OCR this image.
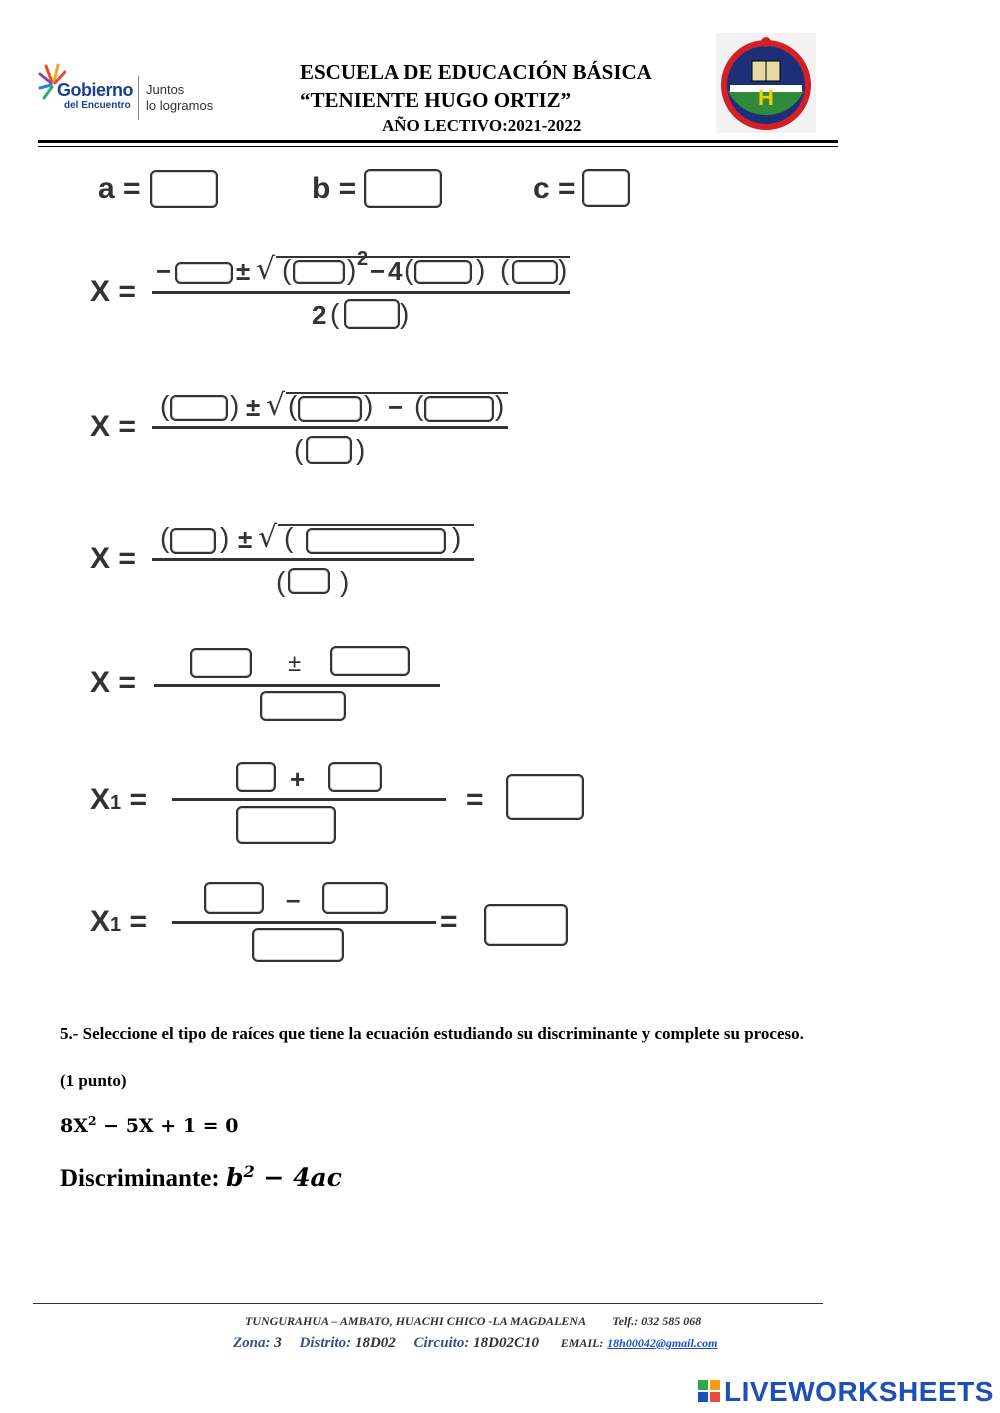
Gobierno
del Encuentro
Juntos
lo logramos
ESCUELA DE EDUCACIÓN BÁSICA
“TENIENTE HUGO ORTIZ”
AÑO LECTIVO:2021-2022
H
a =	b =	c =
X =
− ± √ ( ) 2 − 4 ( ) ( )
2 ( )
X =
( ) ± √ ( ) − (	)
( )
X =
( ) ± √ (	)
( )
X =
±
X1 =
+
=
X1 =
–
=
5.- Seleccione el tipo de raíces que tiene la ecuación estudiando su discriminante y complete su proceso.
(1 punto)
$8X^2 - 5X + 1 = 0$
Discriminante: $b^2 - 4ac$
TUNGURAHUA – AMBATO, HUACHI CHICO -LA MAGDALENA Telf.: 032 585 068
Zona: 3 Distrito: 18D02 Circuito: 18D02C10 EMAIL: 18h00042@gmail.com
LIVEWORKSHEETS
